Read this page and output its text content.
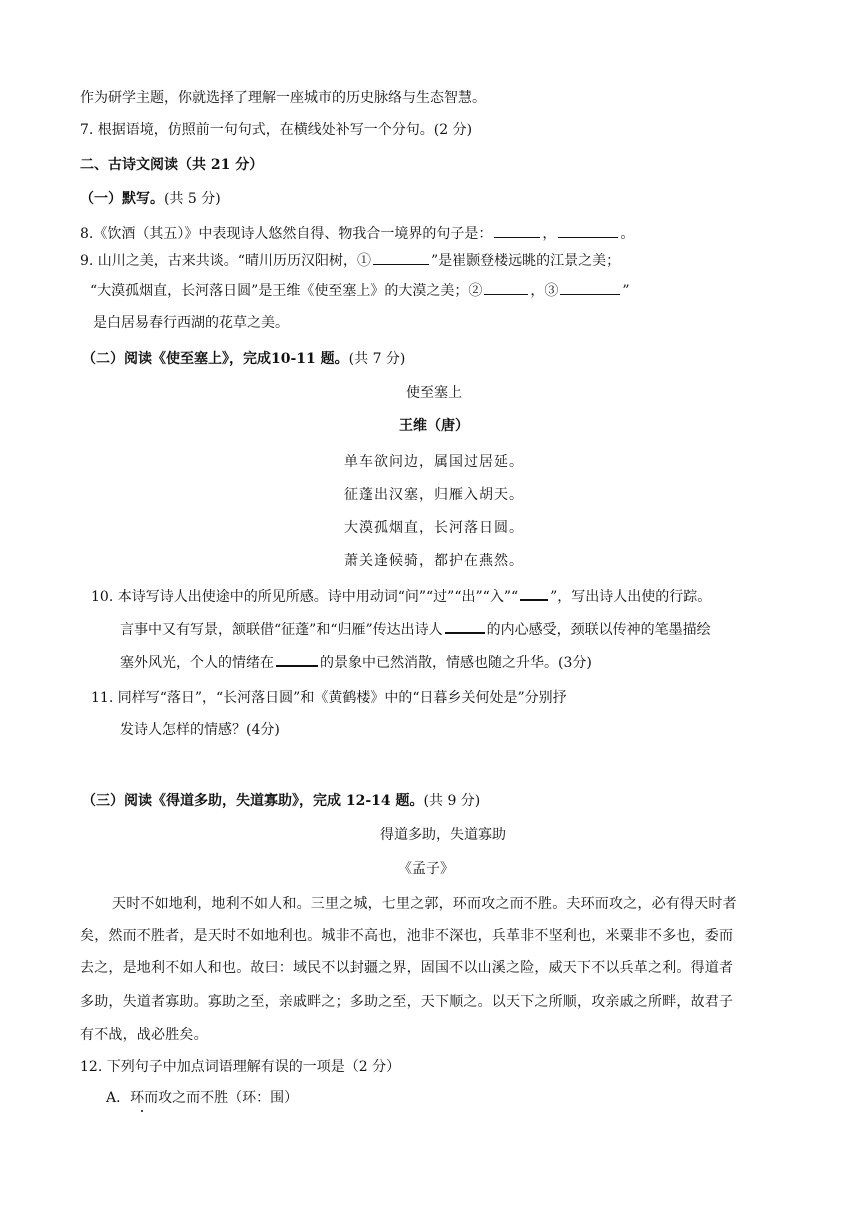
作为研学主题，你就选择了理解一座城市的历史脉络与生态智慧。
7. 根据语境，仿照前一句句式，在横线处补写一个分句。(2 分)
二、古诗文阅读（共 21 分）
（一）默写。(共 5 分)
8.《饮酒（其五）》中表现诗人悠然自得、物我合一境界的句子是：	，	。
9. 山川之美，古来共谈。“晴川历历汉阳树，①	”是崔颢登楼远眺的江景之美；
“大漠孤烟直，长河落日圆”是王维《使至塞上》的大漠之美；②	，③	”
是白居易春行西湖的花草之美。
（二）阅读《使至塞上》，完成10-11 题。(共 7 分)
使至塞上
王维（唐）
单车欲问边，属国过居延。
征蓬出汉塞，归雁入胡天。
大漠孤烟直，长河落日圆。
萧关逢候骑，都护在燕然。
10. 本诗写诗人出使途中的所见所感。诗中用动词“问”“过”“出”“入”“ ”，写出诗人出使的行踪。
言事中又有写景，颔联借“征蓬”和“归雁”传达出诗人	的内心感受，颈联以传神的笔墨描绘
塞外风光，个人的情绪在	的景象中已然消散，情感也随之升华。(3分)
11. 同样写“落日”，“长河落日圆”和《黄鹤楼》中的“日暮乡关何处是”分别抒
发诗人怎样的情感？(4分)
（三）阅读《得道多助，失道寡助》，完成 12-14 题。(共 9 分)
得道多助，失道寡助
《孟子》
天时不如地利，地利不如人和。三里之城，七里之郭，环而攻之而不胜。夫环而攻之，必有得天时者
矣，然而不胜者，是天时不如地利也。城非不高也，池非不深也，兵革非不坚利也，米粟非不多也，委而
去之，是地利不如人和也。故曰：域民不以封疆之界，固国不以山溪之险，威天下不以兵革之利。得道者
多助，失道者寡助。寡助之至，亲戚畔之；多助之至，天下顺之。以天下之所顺，攻亲戚之所畔，故君子
有不战，战必胜矣。
12. 下列句子中加点词语理解有误的一项是（2 分）
A．环而攻之而不胜（环：围）
